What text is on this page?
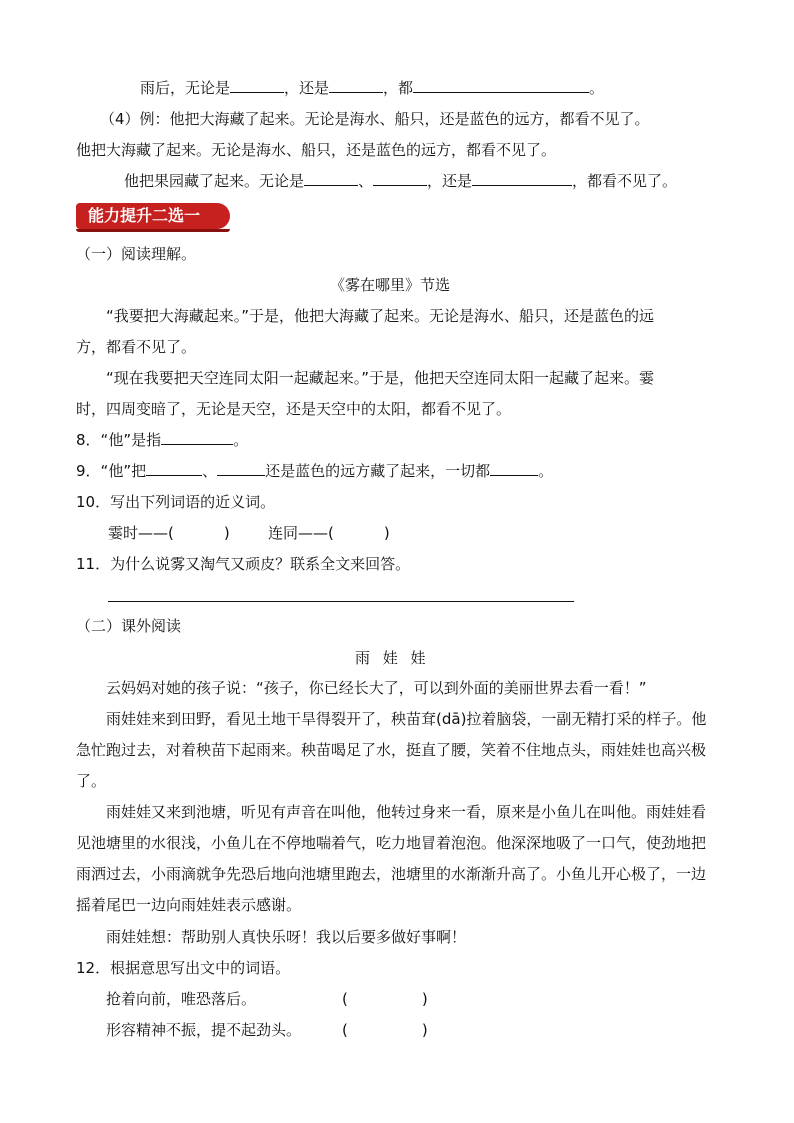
雨后，无论是	，还是	，都	。
（4）例：他把大海藏了起来。无论是海水、船只，还是蓝色的远方，都看不见了。
他把大海藏了起来。无论是海水、船只，还是蓝色的远方，都看不见了。
他把果园藏了起来。无论是	、	，还是	，都看不见了。
能力提升二选一
（一）阅读理解。
《雾在哪里》节选
“我要把大海藏起来。”于是，他把大海藏了起来。无论是海水、船只，还是蓝色的远
方，都看不见了。
“现在我要把天空连同太阳一起藏起来。”于是，他把天空连同太阳一起藏了起来。霎
时，四周变暗了，无论是天空，还是天空中的太阳，都看不见了。
8．“他”是指	。
9．“他”把	、	还是蓝色的远方藏了起来，一切都	。
10．写出下列词语的近义词。
霎时——(	)	连同——(	)
11．为什么说雾又淘气又顽皮？联系全文来回答。
（二）课外阅读
雨 娃 娃
云妈妈对她的孩子说：“孩子，你已经长大了，可以到外面的美丽世界去看一看！”
雨娃娃来到田野，看见土地干旱得裂开了，秧苗耷(dā)拉着脑袋，一副无精打采的样子。他
急忙跑过去，对着秧苗下起雨来。秧苗喝足了水，挺直了腰，笑着不住地点头，雨娃娃也高兴极
了。
雨娃娃又来到池塘，听见有声音在叫他，他转过身来一看，原来是小鱼儿在叫他。雨娃娃看
见池塘里的水很浅，小鱼儿在不停地喘着气，吃力地冒着泡泡。他深深地吸了一口气，使劲地把
雨洒过去，小雨滴就争先恐后地向池塘里跑去，池塘里的水渐渐升高了。小鱼儿开心极了，一边
摇着尾巴一边向雨娃娃表示感谢。
雨娃娃想：帮助别人真快乐呀！我以后要多做好事啊！
12．根据意思写出文中的词语。
抢着向前，唯恐落后。	(	)
形容精神不振，提不起劲头。	(	)
